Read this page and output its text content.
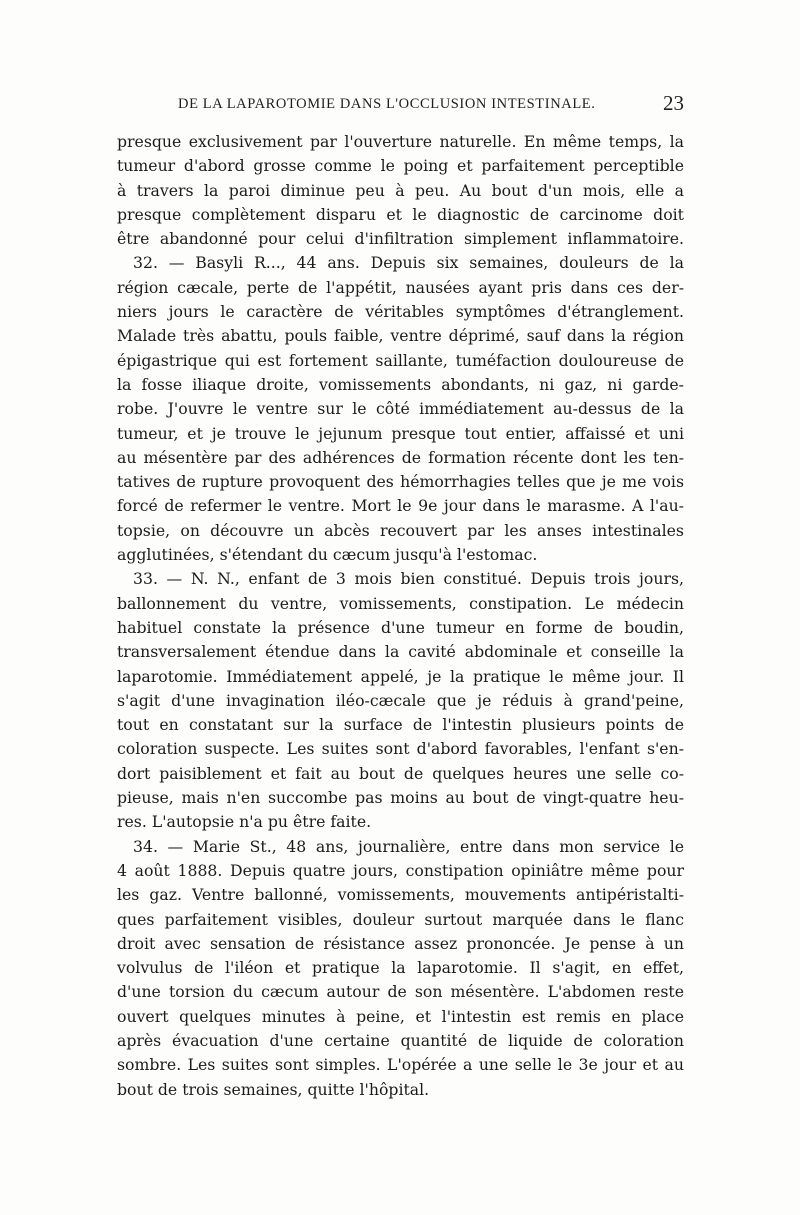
DE LA LAPAROTOMIE DANS L'OCCLUSION INTESTINALE.	23
presque exclusivement par l'ouverture naturelle. En même temps, la
tumeur d'abord grosse comme le poing et parfaitement perceptible
à travers la paroi diminue peu à peu. Au bout d'un mois, elle a
presque complètement disparu et le diagnostic de carcinome doit
être abandonné pour celui d'infiltration simplement inflammatoire.
32. — Basyli R..., 44 ans. Depuis six semaines, douleurs de la
région cæcale, perte de l'appétit, nausées ayant pris dans ces der-
niers jours le caractère de véritables symptômes d'étranglement.
Malade très abattu, pouls faible, ventre déprimé, sauf dans la région
épigastrique qui est fortement saillante, tuméfaction douloureuse de
la fosse iliaque droite, vomissements abondants, ni gaz, ni garde-
robe. J'ouvre le ventre sur le côté immédiatement au-dessus de la
tumeur, et je trouve le jejunum presque tout entier, affaissé et uni
au mésentère par des adhérences de formation récente dont les ten-
tatives de rupture provoquent des hémorrhagies telles que je me vois
forcé de refermer le ventre. Mort le 9e jour dans le marasme. A l'au-
topsie, on découvre un abcès recouvert par les anses intestinales
agglutinées, s'étendant du cæcum jusqu'à l'estomac.
33. — N. N., enfant de 3 mois bien constitué. Depuis trois jours,
ballonnement du ventre, vomissements, constipation. Le médecin
habituel constate la présence d'une tumeur en forme de boudin,
transversalement étendue dans la cavité abdominale et conseille la
laparotomie. Immédiatement appelé, je la pratique le même jour. Il
s'agit d'une invagination iléo-cæcale que je réduis à grand'peine,
tout en constatant sur la surface de l'intestin plusieurs points de
coloration suspecte. Les suites sont d'abord favorables, l'enfant s'en-
dort paisiblement et fait au bout de quelques heures une selle co-
pieuse, mais n'en succombe pas moins au bout de vingt-quatre heu-
res. L'autopsie n'a pu être faite.
34. — Marie St., 48 ans, journalière, entre dans mon service le
4 août 1888. Depuis quatre jours, constipation opiniâtre même pour
les gaz. Ventre ballonné, vomissements, mouvements antipéristalti-
ques parfaitement visibles, douleur surtout marquée dans le flanc
droit avec sensation de résistance assez prononcée. Je pense à un
volvulus de l'iléon et pratique la laparotomie. Il s'agit, en effet,
d'une torsion du cæcum autour de son mésentère. L'abdomen reste
ouvert quelques minutes à peine, et l'intestin est remis en place
après évacuation d'une certaine quantité de liquide de coloration
sombre. Les suites sont simples. L'opérée a une selle le 3e jour et au
bout de trois semaines, quitte l'hôpital.
